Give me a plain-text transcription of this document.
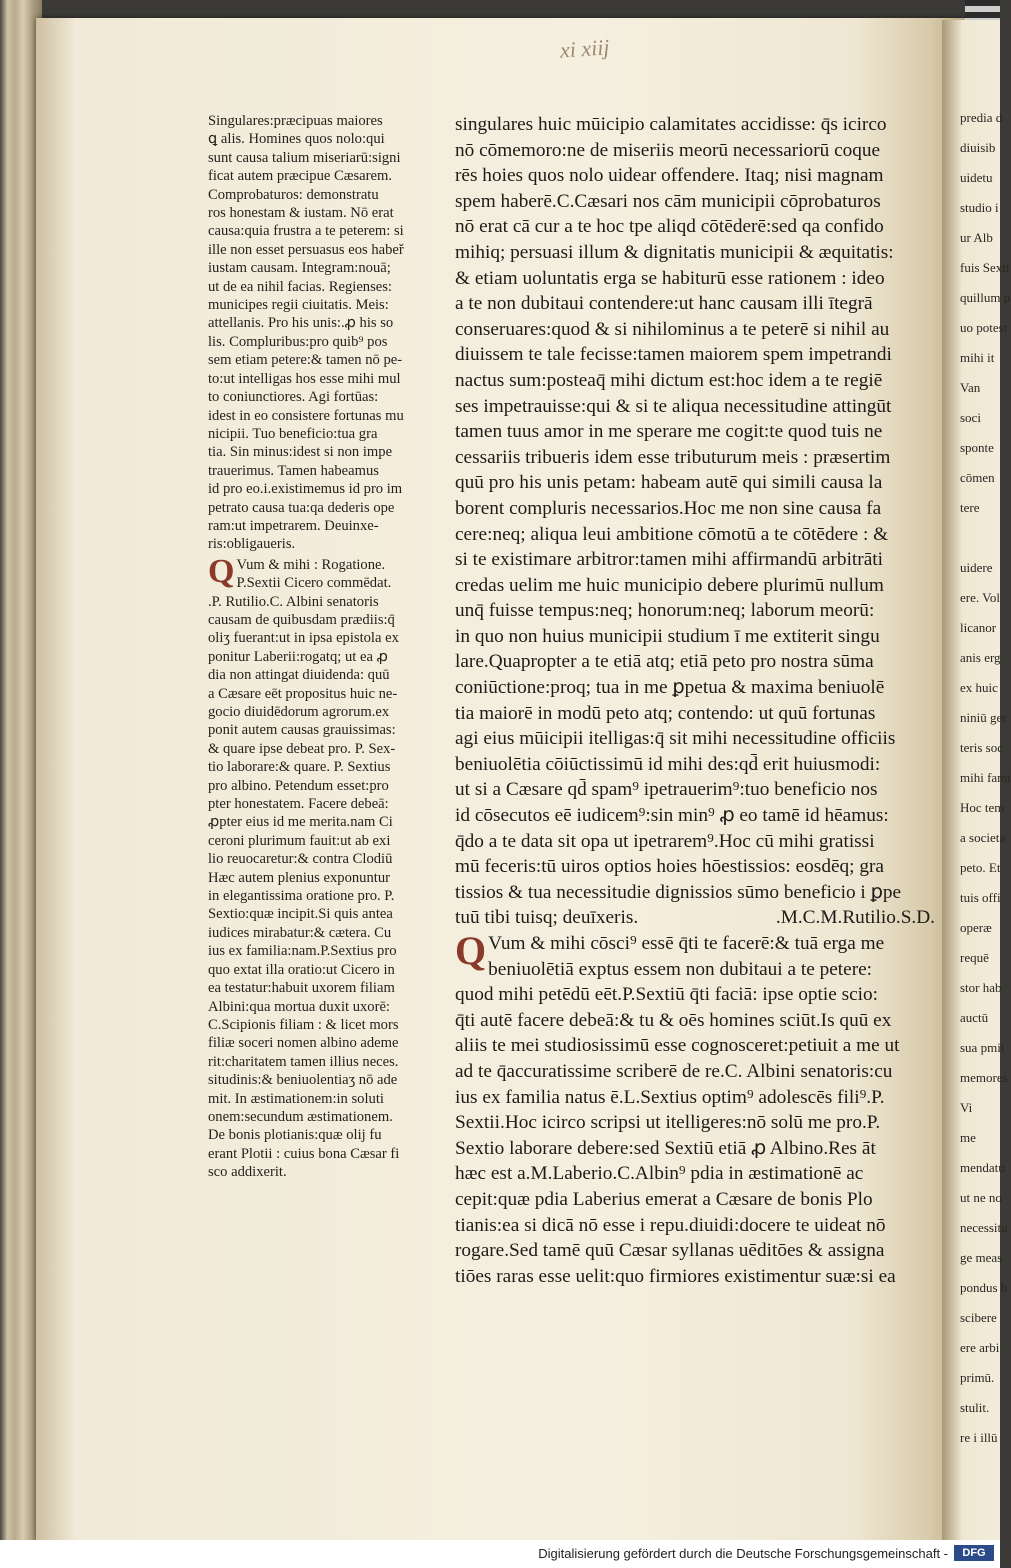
predia d
diuisib
uidetu
studio i
ur Alb
fuis Sexti
quillum p
uo potest
mihi it
Van
soci
sponte
cōmen
tere
uidere
ere. Vol
licanor
anis erg
ex huic
niniū ger
teris soc
mihi fami
Hoc tem
a societa
peto. Et
tuis offi
operæ
requē
stor hab
auctū
sua pmit
memores
Vi
me
mendatu
ut ne no
necessitu
ge meas
pondus h
scibere
ere arbi
primū.
stulit.
re i illū
xi xiij
Singulares:præcipuas maiores
ꝗ alis. Homines quos nolo:qui
sunt causa talium miseriarū:signi
ficat autem præcipue Cæsarem.
Comprobaturos: demonstratu
ros honestam & iustam. Nō erat
causa:quia frustra a te peterem: si
ille non esset persuasus eos habeř
iustam causam. Integram:nouā;
ut de ea nihil facias. Regienses:
municipes regii ciuitatis. Meis:
attellanis. Pro his unis:.ꝓ his so
lis. Compluribus:pro quib⁹ pos
sem etiam petere:& tamen nō pe-
to:ut intelligas hos esse mihi mul
to coniunctiores. Agi fortūas:
idest in eo consistere fortunas mu
nicipii. Tuo beneficio:tua gra
tia. Sin minus:idest si non impe
trauerimus. Tamen habeamus
id pro eo.i.existimemus id pro im
petrato causa tua:qa dederis ope
ram:ut impetrarem. Deuinxe-
ris:obligaueris.
Q Vum & mihi : Rogatione.
P.Sextii Cicero commēdat.
.P. Rutilio.C. Albini senatoris
causam de quibusdam prædiis:q̄
oliʒ fuerant:ut in ipsa epistola ex
ponitur Laberii:rogatq; ut ea ꝓ
dia non attingat diuidenda: quū
a Cæsare eēt propositus huic ne-
gocio diuidēdorum agrorum.ex
ponit autem causas grauissimas:
& quare ipse debeat pro. P. Sex-
tio laborare:& quare. P. Sextius
pro albino. Petendum esset:pro
pter honestatem. Facere debeā:
ꝓpter eius id me merita.nam Ci
ceroni plurimum fauit:ut ab exi
lio reuocaretur:& contra Clodiū
Hæc autem plenius exponuntur
in elegantissima oratione pro. P.
Sextio:quæ incipit.Si quis antea
iudices mirabatur:& cætera. Cu
ius ex familia:nam.P.Sextius pro
quo extat illa oratio:ut Cicero in
ea testatur:habuit uxorem filiam
Albini:qua mortua duxit uxorē:
C.Scipionis filiam : & licet mors
filiæ soceri nomen albino ademe
rit:charitatem tamen illius neces.
situdinis:& beniuolentiaʒ nō ade
mit. In æstimationem:in soluti
onem:secundum æstimationem.
De bonis plotianis:quæ olij fu
erant Plotii : cuius bona Cæsar fi
sco addixerit.
singulares huic mūicipio calamitates accidisse: q̄s icirco
nō cōmemoro:ne de miseriis meorū necessariorū coque
rēs hoies quos nolo uidear offendere. Itaq; nisi magnam
spem haberē.C.Cæsari nos cām municipii cōprobaturos
nō erat cā cur a te hoc tpe aliqd cōtēderē:sed qa confido
mihiq; persuasi illum & dignitatis municipii & æquitatis:
& etiam uoluntatis erga se habiturū esse rationem : ideo
a te non dubitaui contendere:ut hanc causam illi ītegrā
conseruares:quod & si nihilominus a te peterē si nihil au
diuissem te tale fecisse:tamen maiorem spem impetrandi
nactus sum:posteaq̄ mihi dictum est:hoc idem a te regiē
ses impetrauisse:qui & si te aliqua necessitudine attingūt
tamen tuus amor in me sperare me cogit:te quod tuis ne
cessariis tribueris idem esse tributurum meis : præsertim
quū pro his unis petam: habeam autē qui simili causa la
borent compluris necessarios.Hoc me non sine causa fa
cere:neq; aliqua leui ambitione cōmotū a te cōtēdere : &
si te existimare arbitror:tamen mihi affirmandū arbitrāti
credas uelim me huic municipio debere plurimū nullum
unq̄ fuisse tempus:neq; honorum:neq; laborum meorū:
in quo non huius municipii studium ī me extiterit singu
lare.Quapropter a te etiā atq; etiā peto pro nostra sūma
coniūctione:proq; tua in me ꝑpetua & maxima beniuolē
tia maiorē in modū peto atq; contendo: ut quū fortunas
agi eius mūicipii itelligas:q̄ sit mihi necessitudine officiis
beniuolētia cōiūctissimū id mihi des:qd̄ erit huiusmodi:
ut si a Cæsare qd̄ spam⁹ ipetrauerim⁹:tuo beneficio nos
id cōsecutos eē iudicem⁹:sin min⁹ ꝓ eo tamē id hēamus:
q̄do a te data sit opa ut ipetrarem⁹.Hoc cū mihi gratissi
mū feceris:tū uiros optios hoies hōestissios: eosdēq; gra
tissios & tua necessitudie dignissios sūmo beneficio i ꝑpe
tuū tibi tuisq; deuīxeris.	.M.C.M.Rutilio.S.D.
Q Vum & mihi cōsci⁹ essē q̄ti te facerē:& tuā erga me
beniuolētiā exptus essem non dubitaui a te petere:
quod mihi petēdū eēt.P.Sextiū q̄ti faciā: ipse optie scio:
q̄ti autē facere debeā:& tu & oēs homines sciūt.Is quū ex
aliis te mei studiosissimū esse cognosceret:petiuit a me ut
ad te q̄accuratissime scriberē de re.C. Albini senatoris:cu
ius ex familia natus ē.L.Sextius optim⁹ adolescēs fili⁹.P.
Sextii.Hoc icirco scripsi ut itelligeres:nō solū me pro.P.
Sextio laborare debere:sed Sextiū etiā ꝓ Albino.Res āt
hæc est a.M.Laberio.C.Albin⁹ pdia in æstimationē ac
cepit:quæ pdia Laberius emerat a Cæsare de bonis Plo
tianis:ea si dicā nō esse i repu.diuidi:docere te uideat nō
rogare.Sed tamē quū Cæsar syllanas uēditōes & assigna
tiōes raras esse uelit:quo firmiores existimentur suæ:si ea
Digitalisierung gefördert durch die Deutsche Forschungsgemeinschaft -	DFG
